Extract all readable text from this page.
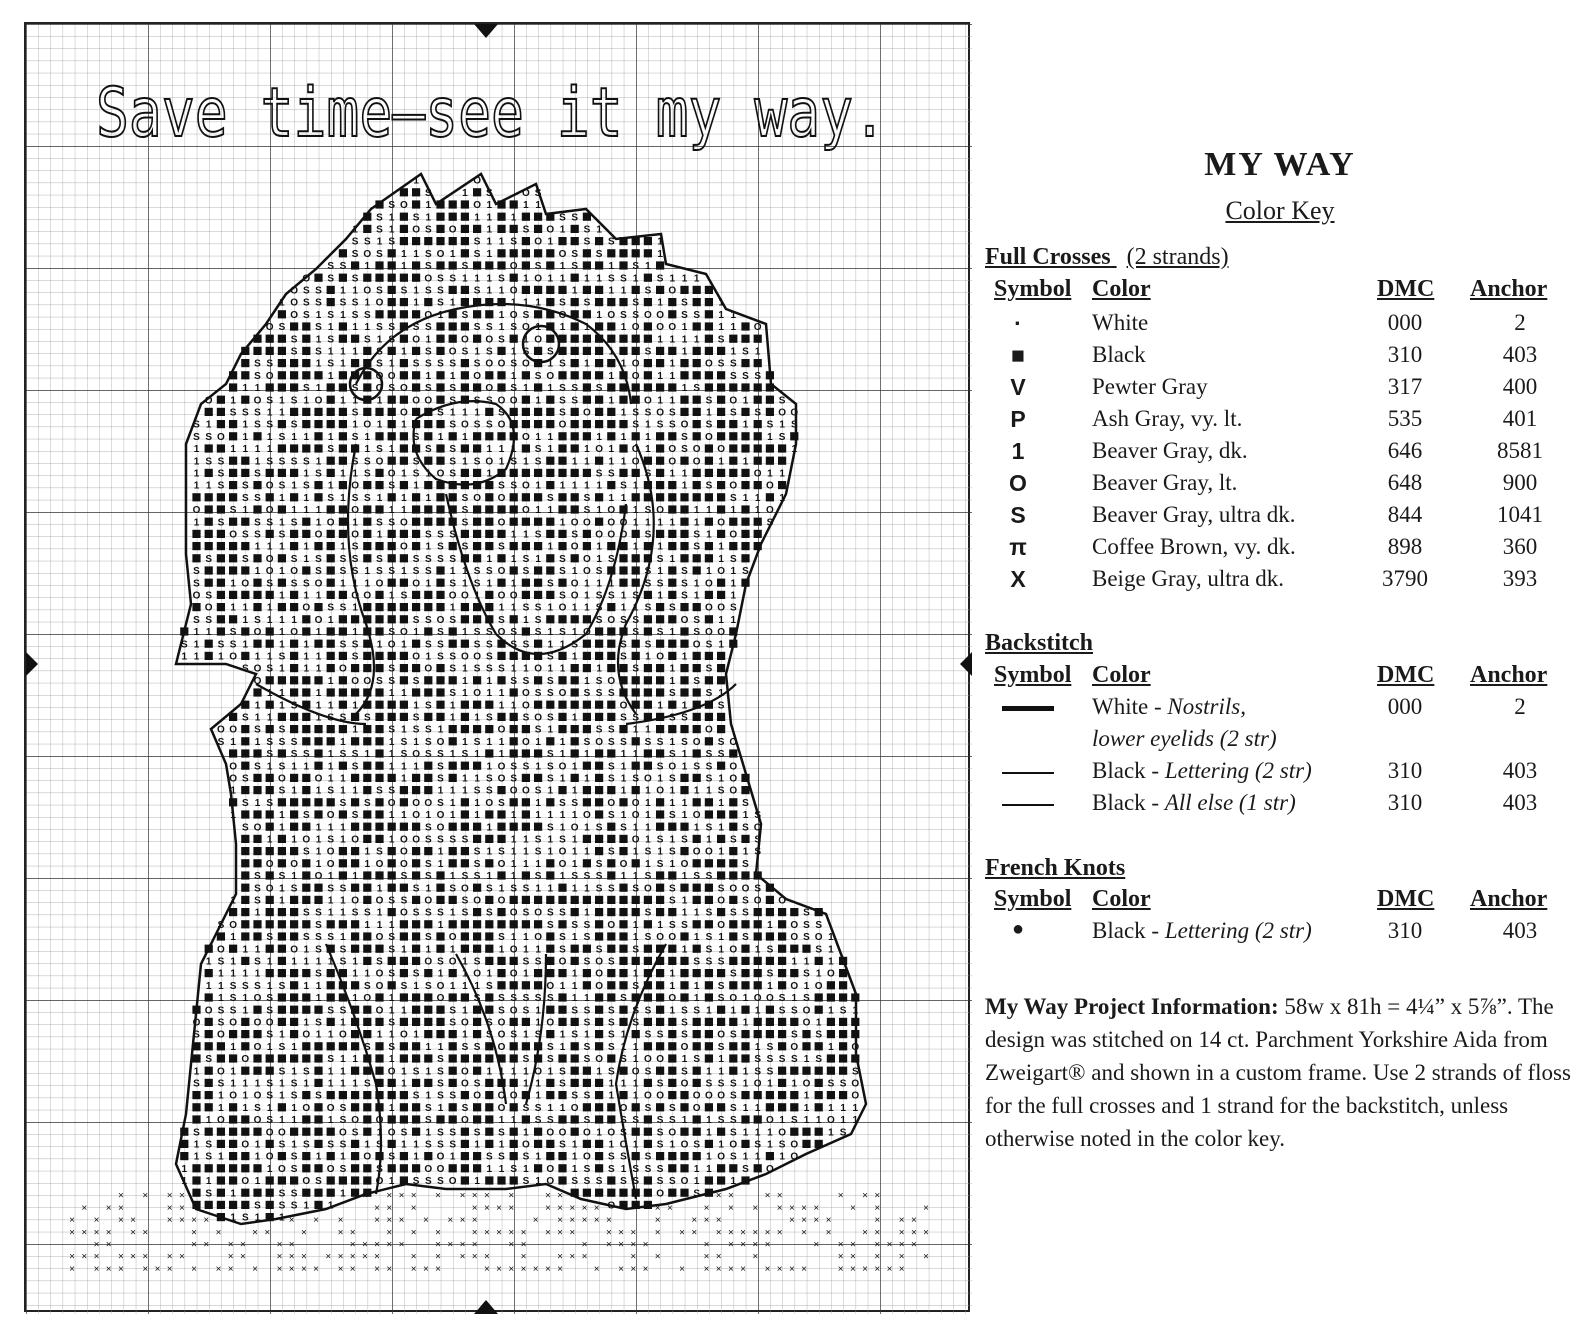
1	O
S	1 S	O S
S O 1	O 1	1 1
S 1 S 1	1 1 1	S S
1 S 1 O S O	1	S O 1 S 1
S S 1 S	S 1 1 S O 1	S S	1
S O S 1 1 S O 1 S 1	O S S	1
S S 1	1 S	S	O S 1 S	1 S 1
O S S	O S S 1 1 1 S 1 O 1 1 1 1 S S 1 S 1 1 1
O S S 1 1 O S S 1 S S	S 1 1 O	1	1 1 S O
1 O S S S S 1 O	1 S 1	1 1 1 S S	S 1 S	1
O S 1 S 1 S S	O 1 S	1 O S	O	1 O S S O O S S 1 1
O S	S 1 1 1 S S S S	S S 1 S O 1 1 1	1 O O O 1	1 1 O
S 1 S	S 1 S O 1	O O S 1 O	1 1 1 1 S
S S 1 1 1 S 1 S O S 1 S 1 S S	1	S	1	1 S 1
S S	1 S 1	S 1 S S S S S O O S O 1 S 1	1 O	1	O S S
S O	1	O O	1 1 O	1 S O	1 O 1 1	S S S
1 1	S 1	S O S O S S	O S 1 1 S S S	1 S
O 1 O S 1 S 1 O 1 1 1	O O S S S O O 1 S S	1	O 1 1	S O 1	S
S S S 1 1	S	O	S 1 1 1 S	S O	1 S S O S	1 S S O O
S 1	1 S S S	1 O 1 1	S O S S O	O	S 1 S S O S	1 S 1 S
S S O 1 1 S 1 1 1 S 1	S 1 1	O 1 1	1 1 1	S O	1 S
1	1 1 1 1	S	1 S 1	S S	1 1 1 S 1	1 O 1 O 1 O S O O	1
1 S S	1 S S S S 1	S S O	S	S 1 S O 1 S 1 S	1 1 1 1 O	O O 1 1
1 S	S	1 S 1 1 S O 1 S 1 O S	1	S S	S 1 1	O 1 1
1 1 S S O S 1 S 1 O	S 1	S S O 1 1 1 1 1 S 1	1 S O	O
S S 1 1 S 1 S S 1 1 1	S O O	S	S 1 1	S 1 1 1
O	S 1 O 1 1 1	O	1 1	S	O 1 1	S 1 O 1 S O	1 1 1 1 O
1 S	S S 1 S 1 O 1 S S O	S	O	1 O O O O 1 1 1 1 1 O	S
O S S S	O	O 1	S S S	1 1 S	S O O O S	S 1 O
1 1 1 1	1 S	O 1 S S	S	1 O 1	1 1	S 1
S	S O S 1 S S S S	S S S S	1 1 S 1 S O 1 S	S 1	1 S
S	1 O 1 O S S S 1 S S 1 S S 1 1 S S O S	S 1 O S	S 1 S 1 O 1 S
S	1 O S S S O 1 1 1 O	O 1 S 1 S 1 1	S O 1 1 1	S S S 1 O 1
O S	1 1 1	O O 1 S	O O 1 O O	S O 1 S S 1 S 1 S 1	1
O 1 1 1	O S S 1	1	1 1 S S 1 O 1 1 S 1 1 S S	O O S
S S	1 S 1 1 1 O 1	S S O S	S 1 S	S O S S	O S 1 1
1 1 S O 1 O 1	1	S O 1 S 1 S S O S S 1 S 1 O	S S 1 S O O
S 1 S S 1	1 1	S S 1 O 1 S S	S S S S 1 1 S	S S	O S 1
1 1 1 O 1 1 S 1 1	S	O 1 S S O O S	S 1	S 1 O 1
S O S 1 1 1 O	S	O S 1 S S S 1 1 O 1 1	1	S	1	S
O	1 O O S S S	1 1 S S S	1 S O	1 S
1 1	1	1 1	S 1 O 1 1 O S S O S S S	S	S 1
1 1 S 1 1 1	1 S 1	1 1 O	O	1 1	S
S 1 1	1 S S S	S	1 1 S	S O S 1	S S	S S
O O S S	1	S 1 S S 1	O	S 1	S S 1 1	O
S 1 1 S S S	1	1 S 1 S O 1 S 1 1 O 1 1 S O S S S S 1 S O S O
S S S 1 S S 1 1 S O S S 1 S 1 1	S 1 1	1 1	S 1 S S
O S 1 S 1 1 1 S	1 1 1 S	1 O S S 1 S O 1	S 1	S O 1 S S O
O S	O	O 1 1	1	S 1 1 S O S	S 1 1 S 1 S O 1 S	S 1 O
1	S 1 1 S 1 1 S S	1 1 1 S S O O S 1 1	1 1 O 1 1 1 S O
S 1 S	S S O O O S 1 1 O S	1 S S	O O 1 1 1	1 S
1	1 S O S	1 1 O 1 O 1 1	1 1 1 1 1 O S 1 O 1 S 1 O	1 S
S O 1	1 1 1	S O	1	S 1 O 1 S S 1 1	1 S 1 S O
1 1 O 1 S 1 O	1 O O S S S S	1 1 S 1 S 1	O 1 S 1 S 1 S S
S 1 O	1 S O	1	S 1 S 1 1 S 1 O 1 1 S 1 S 1 S O O 1 1 S
O O 1 O	1 O O S 1	S O 1 1 1 O 1 S O 1 S 1 O	S
S S 1 O 1 1	S S 1 S S 1 1 S 1 S S S 1 1 S	1 S S
S O 1 S	S S	1	S 1 S O S 1 S S 1 1 1 1 S S S O S	S O O S
1 S 1	1 1 O O S S O	S O O	S 1	O S O O
1	S S 1 1 S S 1 O S S S 1 S S O S O S S 1	S	1 1 S S S	S
S O	S	1 1 1	1	S S S O 1 1 S S	O	1 O S S
1	S	S S S 1	O S	S O	S 1 1 O S 1 S	1 S O O 1 S 1 S	O S O 1
O 1 1	O 1 S S	S 1 1 1	1 O 1 1 S	S	S	1 S 1 O 1 S	S 1
1 S 1 S 1 1 1 1 1 S 1 S	O S O 1 S	S S O S O S	S S S	1 1 1
1 1 1 1	S	1 1 O S S 1 1 O 1 O 1	1 O	1	1	S	S	S 1 O
1 1 S S S 1 S 1 1	S O S 1 S O 1 1 1 S	O 1 1 O	S	1 1 S	1 O 1 O
1 S 1 O S	1	1 O 1	O	S S S S S S 1 1	S	O 1 S O 1 O O S 1 S
O S S 1 S	S S	O 1 1	S 1	S O S 1	S S S S S 1 S S 1 1 1 S S O 1 S 1
O S O O O	1 S 1	S	S O S O	1 O	S S S	S	1	O 1
S O	S 1 O 1 1 O	1 1 O 1	1 S O S 1 S 1 S 1 S 1 S S S	O S	S S
1 O 1 S 1	S S	1 1 S S O	S 1 S S 1 1	O	S	1 S O	1 O
S	O	S 1 1	1	S	S S	S O S 1 O O 1 S 1	S S S S 1 S
1 O 1	S 1 S 1 1	O 1 S 1 S O 1 1 1 1 O 1 S	1 S O S	S 1 1 1 S S	S
S S 1 1 1 S 1 S 1 1 1 1 S	1	S O S	1 1 S	1 1 1 S O S S S 1 O 1 1 O S S O
1 O 1 O S 1 S S	S 1 S S O O O 1	S S 1 1 O O	O O O S	1	O
1 1 S 1 1 O O S	1	S 1 S	O S S 1 1 O	O S S O	S 1 1	1 1 1 1
1 O	O S 1 1	1 S O O	S	O	1 1 S S	S	S S S S 1 1 S S	O 1 S 1 1 O 1 1
S	O O	O S 1 O S 1 S S S S 1 O O O 1 O S	S O	1 S 1 1 1 O	1 S
1 S	O 1 S 1 S S S 1 S 1 1 S S S 1 1 O	S 1	1 O 1 S 1 O S 1 O S 1 S O
1 S 1	1 O S 1 1 O S 1 O 1	S S S 1	1 O S S S	1 O S 1 1 1 O
1	1 O S	O S	S	O O	1 1 S 1 O 1 S S 1 S S S	1 1	S O
1 1	O 1	O S	O 1 S S S O 1	S 1 O S S S S S S S O 1	1
S 1	S S	1	O	S
S S S 1 1	O
1 S 1 1
× × × ×	× × × × × × × × ×	× ×	× ×	× ×	× × ×
× × ×	× ×	× × ×	× × × ×	× × × × ×	× ×	× × × × × × ×	× ×	×
× × × ×	× × × ×	× × ×	× × × × × × ×	× × × × × ×	×	× × ×	× × × ×	× × ×
× × × × × ×	× ×	× ×	×	× ×	× × ×	× × × × × × × ×	× × × × × × × × × × × × × ×	× × × × ×
× ×	× × × ×	× ×	× × × × ×	× × × ×	× ×	× × × × ×	× × × × ×	× × × × × × ×
× × × × × × × ×	× ×	× × × × × × × ×	× × × × ×	×	× × ×	× ×	× ×	×	× × × × ×
× × × × × × × × × × × × × × × × × × × × × ×	× × × × × × ×	× × × ×	× × × × × × × × ×	× × × × × ×
Save time—see it my way.
MY WAY
Color Key
Full Crosses (2 strands)
Symbol Color	DMC Anchor
·	White	000	2
■	Black	310	403
V	Pewter Gray	317	400
P	Ash Gray, vy. lt.	535	401
1	Beaver Gray, dk.	646	8581
O	Beaver Gray, lt.	648	900
S	Beaver Gray, ultra dk.	844	1041
π	Coffee Brown, vy. dk.	898	360
X	Beige Gray, ultra dk.	3790	393
Backstitch
Symbol Color	DMC Anchor
White - Nostrils,	000	2
lower eyelids (2 str)
Black - Lettering (2 str)	310	403
Black - All else (1 str)	310	403
French Knots
Symbol Color	DMC Anchor
●	Black - Lettering (2 str)	310	403
My Way Project Information: 58w x 81h = 4¼” x 5⅞”. The design was stitched on 14 ct. Parchment Yorkshire Aida from Zweigart® and shown in a custom frame. Use 2 strands of floss for the full crosses and 1 strand for the backstitch, unless otherwise noted in the color key.
